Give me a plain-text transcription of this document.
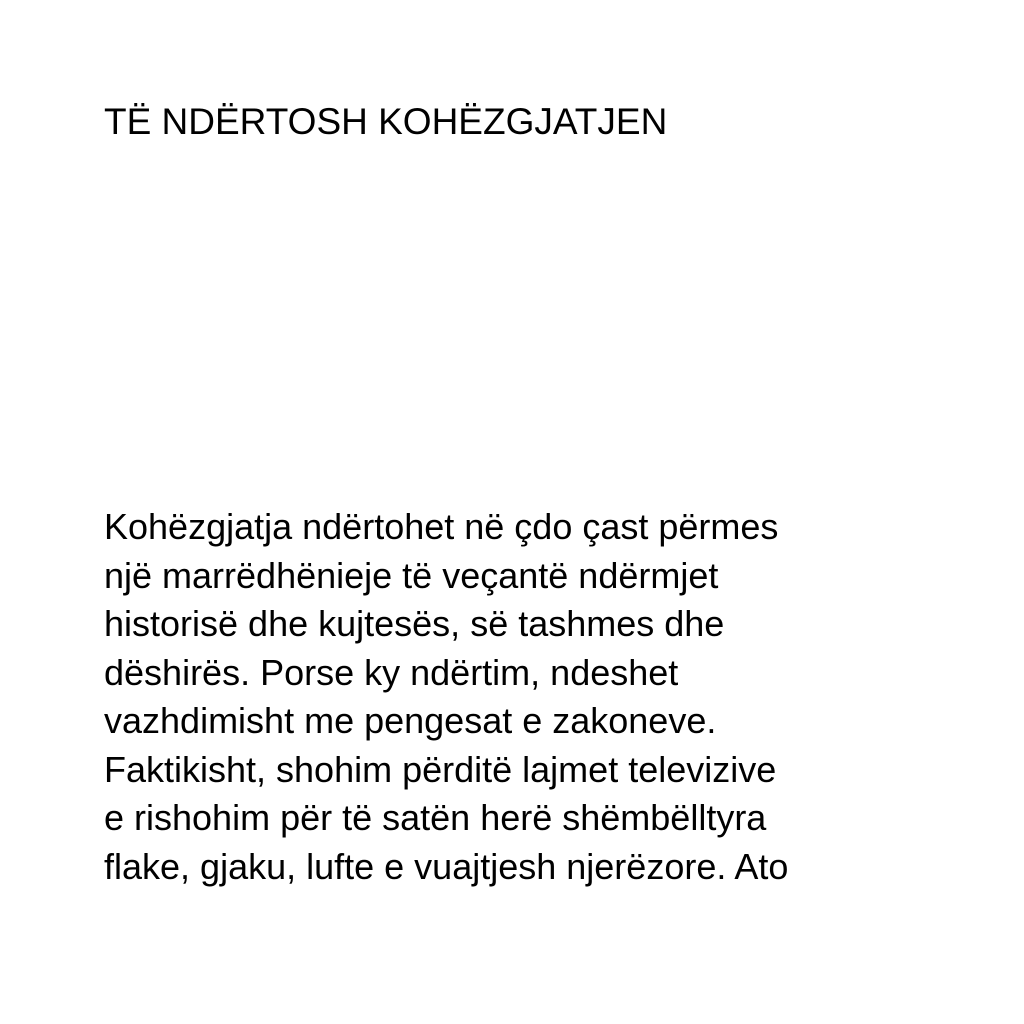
TË NDËRTOSH KOHËZGJATJEN

Kohëzgjatja ndërtohet në çdo çast përmes
një marrëdhënieje të veçantë ndërmjet
historisë dhe kujtesës, së tashmes dhe
dëshirës. Porse ky ndërtim, ndeshet
vazhdimisht me pengesat e zakoneve.
Faktikisht, shohim përditë lajmet televizive
e rishohim për të satën herë shëmbëlltyra
flake, gjaku, lufte e vuajtjesh njerëzore. Ato
